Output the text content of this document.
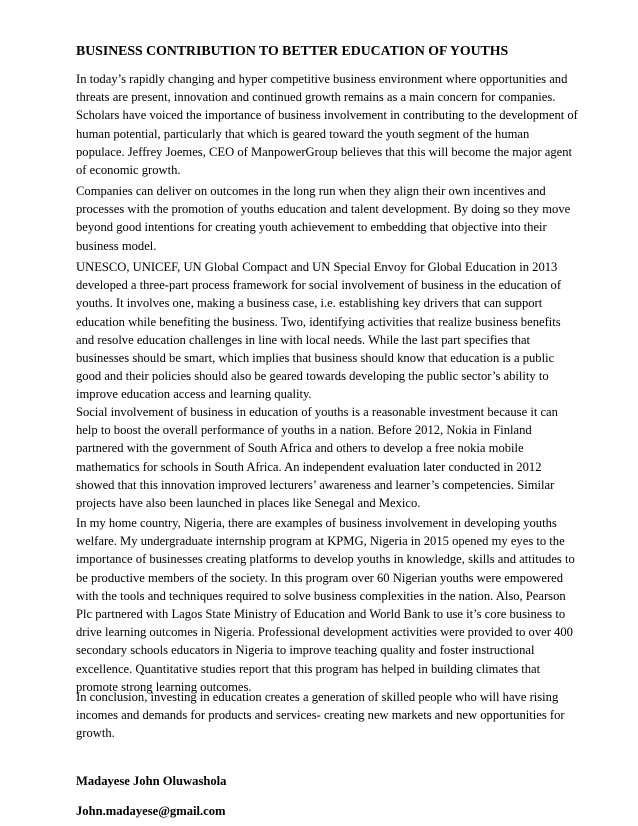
BUSINESS CONTRIBUTION TO BETTER EDUCATION OF YOUTHS
In today’s rapidly changing and hyper competitive business environment where opportunities and
threats are present, innovation and continued growth remains as a main concern for companies.
Scholars have voiced the importance of business involvement in contributing to the development of
human potential, particularly that which is geared toward the youth segment of the human
populace. Jeffrey Joemes, CEO of ManpowerGroup believes that this will become the major agent
of economic growth.
Companies can deliver on outcomes in the long run when they align their own incentives and
processes with the promotion of youths education and talent development. By doing so they move
beyond good intentions for creating youth achievement to embedding that objective into their
business model.
UNESCO, UNICEF, UN Global Compact and UN Special Envoy for Global Education in 2013
developed a three-part process framework for social involvement of business in the education of
youths. It involves one, making a business case, i.e. establishing key drivers that can support
education while benefiting the business. Two, identifying activities that realize business benefits
and resolve education challenges in line with local needs. While the last part specifies that
businesses should be smart, which implies that business should know that education is a public
good and their policies should also be geared towards developing the public sector’s ability to
improve education access and learning quality.
Social involvement of business in education of youths is a reasonable investment because it can
help to boost the overall performance of youths in a nation. Before 2012, Nokia in Finland
partnered with the government of South Africa and others to develop a free nokia mobile
mathematics for schools in South Africa. An independent evaluation later conducted in 2012
showed that this innovation improved lecturers’ awareness and learner’s competencies. Similar
projects have also been launched in places like Senegal and Mexico.
In my home country, Nigeria, there are examples of business involvement in developing youths
welfare. My undergraduate internship program at KPMG, Nigeria in 2015 opened my eyes to the
importance of businesses creating platforms to develop youths in knowledge, skills and attitudes to
be productive members of the society. In this program over 60 Nigerian youths were empowered
with the tools and techniques required to solve business complexities in the nation. Also, Pearson
Plc partnered with Lagos State Ministry of Education and World Bank to use it’s core business to
drive learning outcomes in Nigeria. Professional development activities were provided to over 400
secondary schools educators in Nigeria to improve teaching quality and foster instructional
excellence. Quantitative studies report that this program has helped in building climates that
promote strong learning outcomes.
In conclusion, investing in education creates a generation of skilled people who will have rising
incomes and demands for products and services- creating new markets and new opportunities for
growth.
Madayese John Oluwashola
John.madayese@gmail.com
